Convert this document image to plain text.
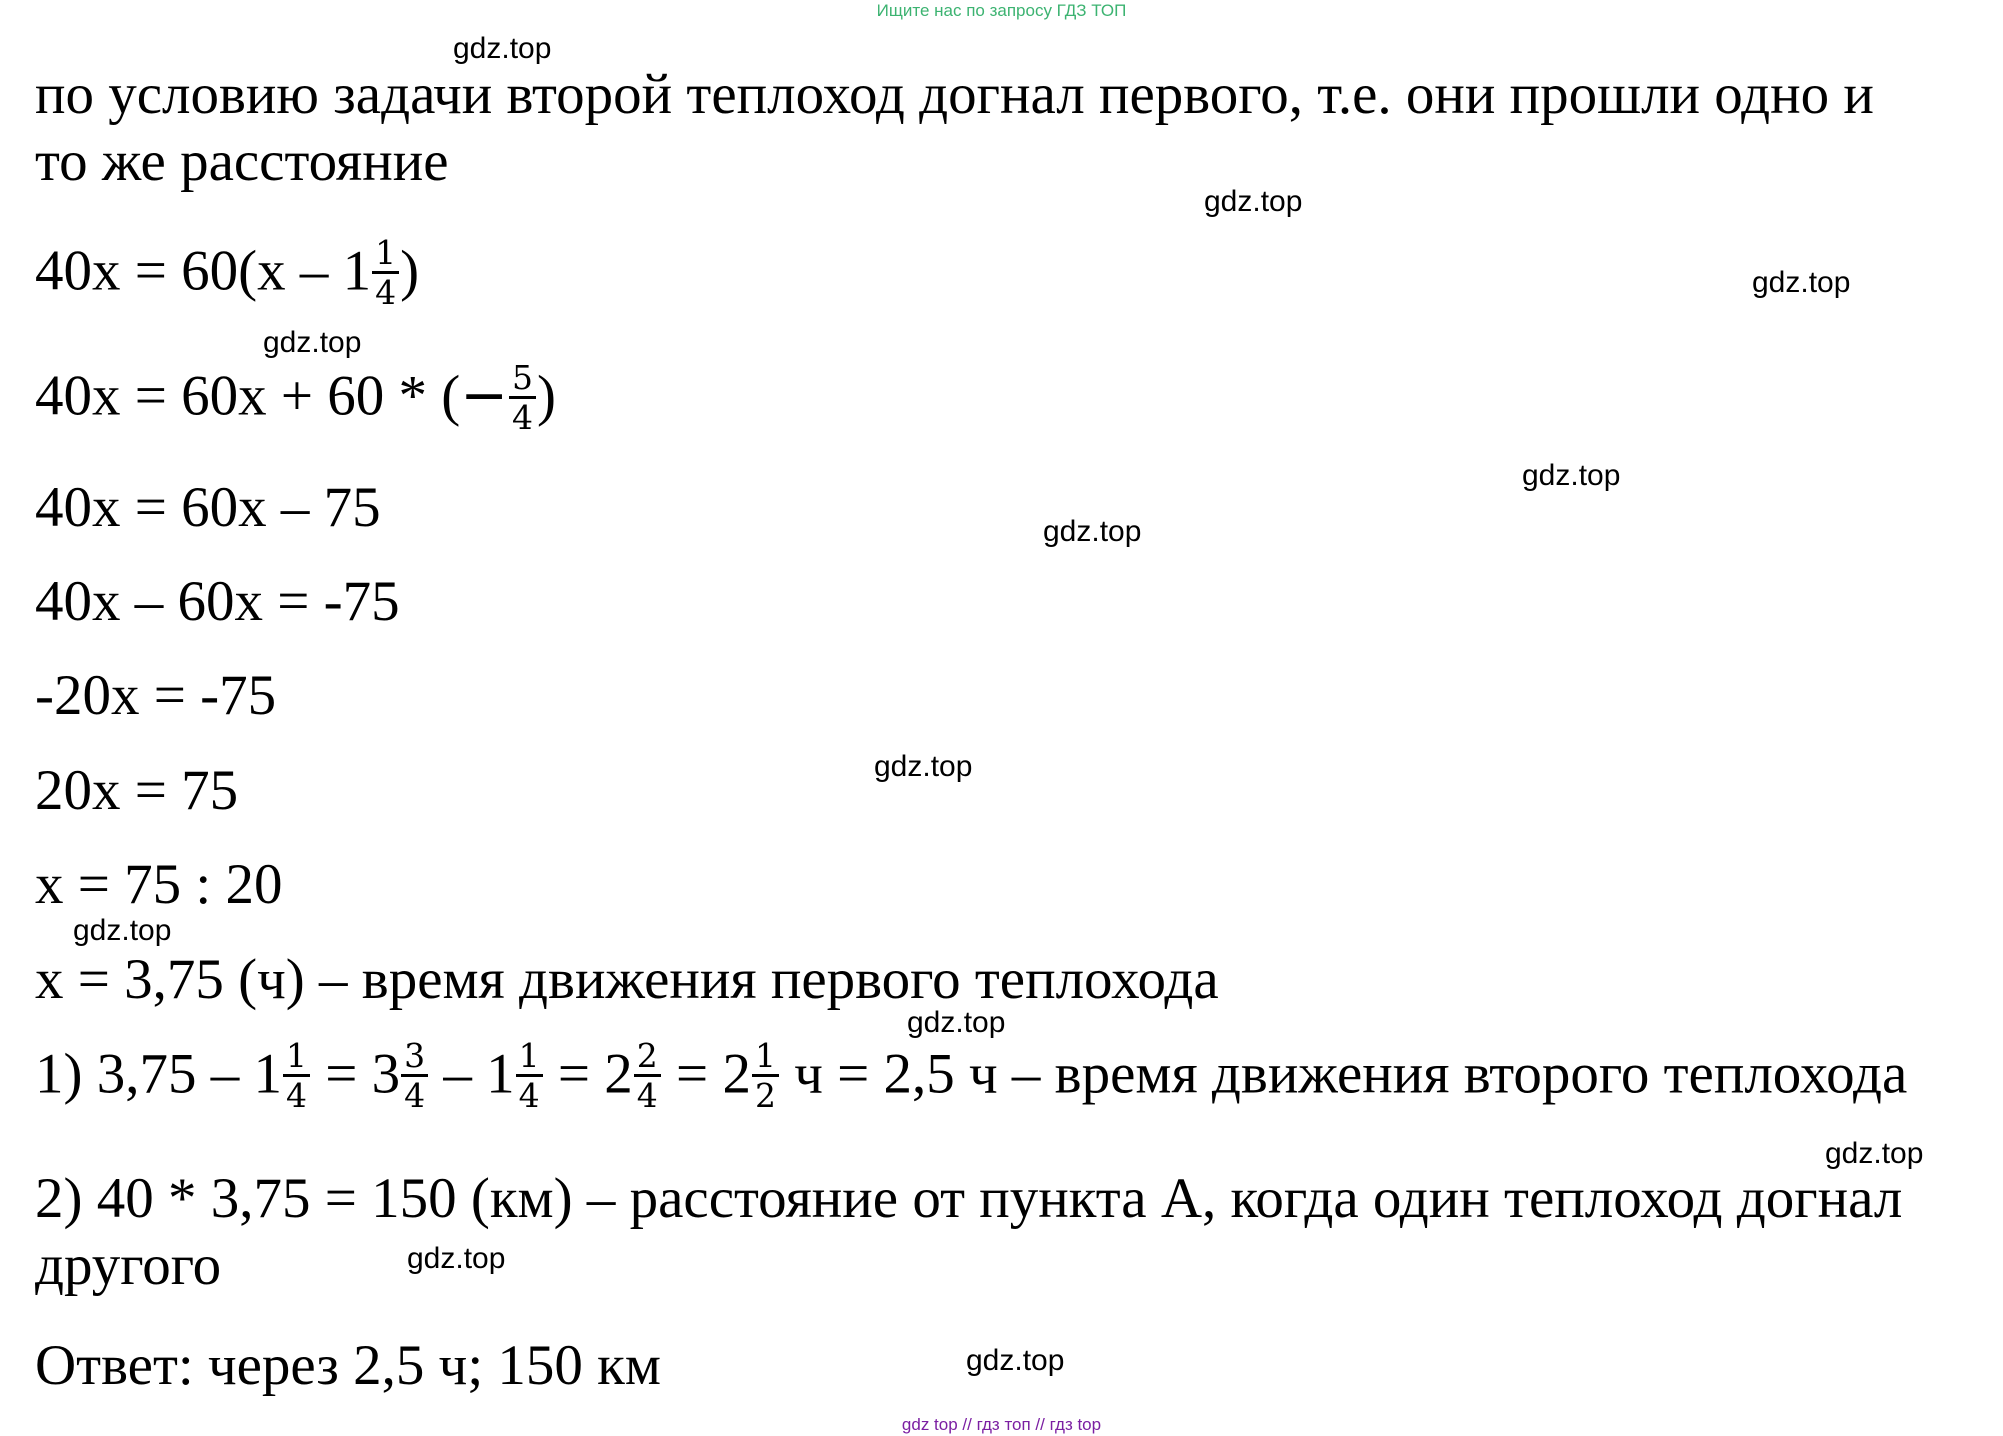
Ищите нас по запросу ГДЗ ТОП
gdz.top
gdz.top
gdz.top
gdz.top
gdz.top
gdz.top
gdz.top
gdz.top
gdz.top
gdz.top
gdz.top
gdz.top
по условию задачи второй теплоход догнал первого, т.е. они прошли одно и
то же расстояние
$40x = 60(x - 1 \frac{1}{4}$ )
40x = 60x + 60 * (− $\frac{5}{4}$ )
40x = 60x – 75
40x – 60x = -75
-20x = -75
20x = 75
x = 75 : 20
x = 3,75 (ч) – время движения первого теплохода
1) $3,75 - 1 \frac{1}{4} = 3 \frac{3}{4} - 1 \frac{1}{4} = 2 \frac{2}{4} = 2 \frac{1}{2}$ ч = 2,5 ч – время движения второго теплохода
2) 40 * 3,75 = 150 (км) – расстояние от пункта А, когда один теплоход догнал
другого
Ответ: через 2,5 ч; 150 км
gdz top // гдз топ // гдз top
